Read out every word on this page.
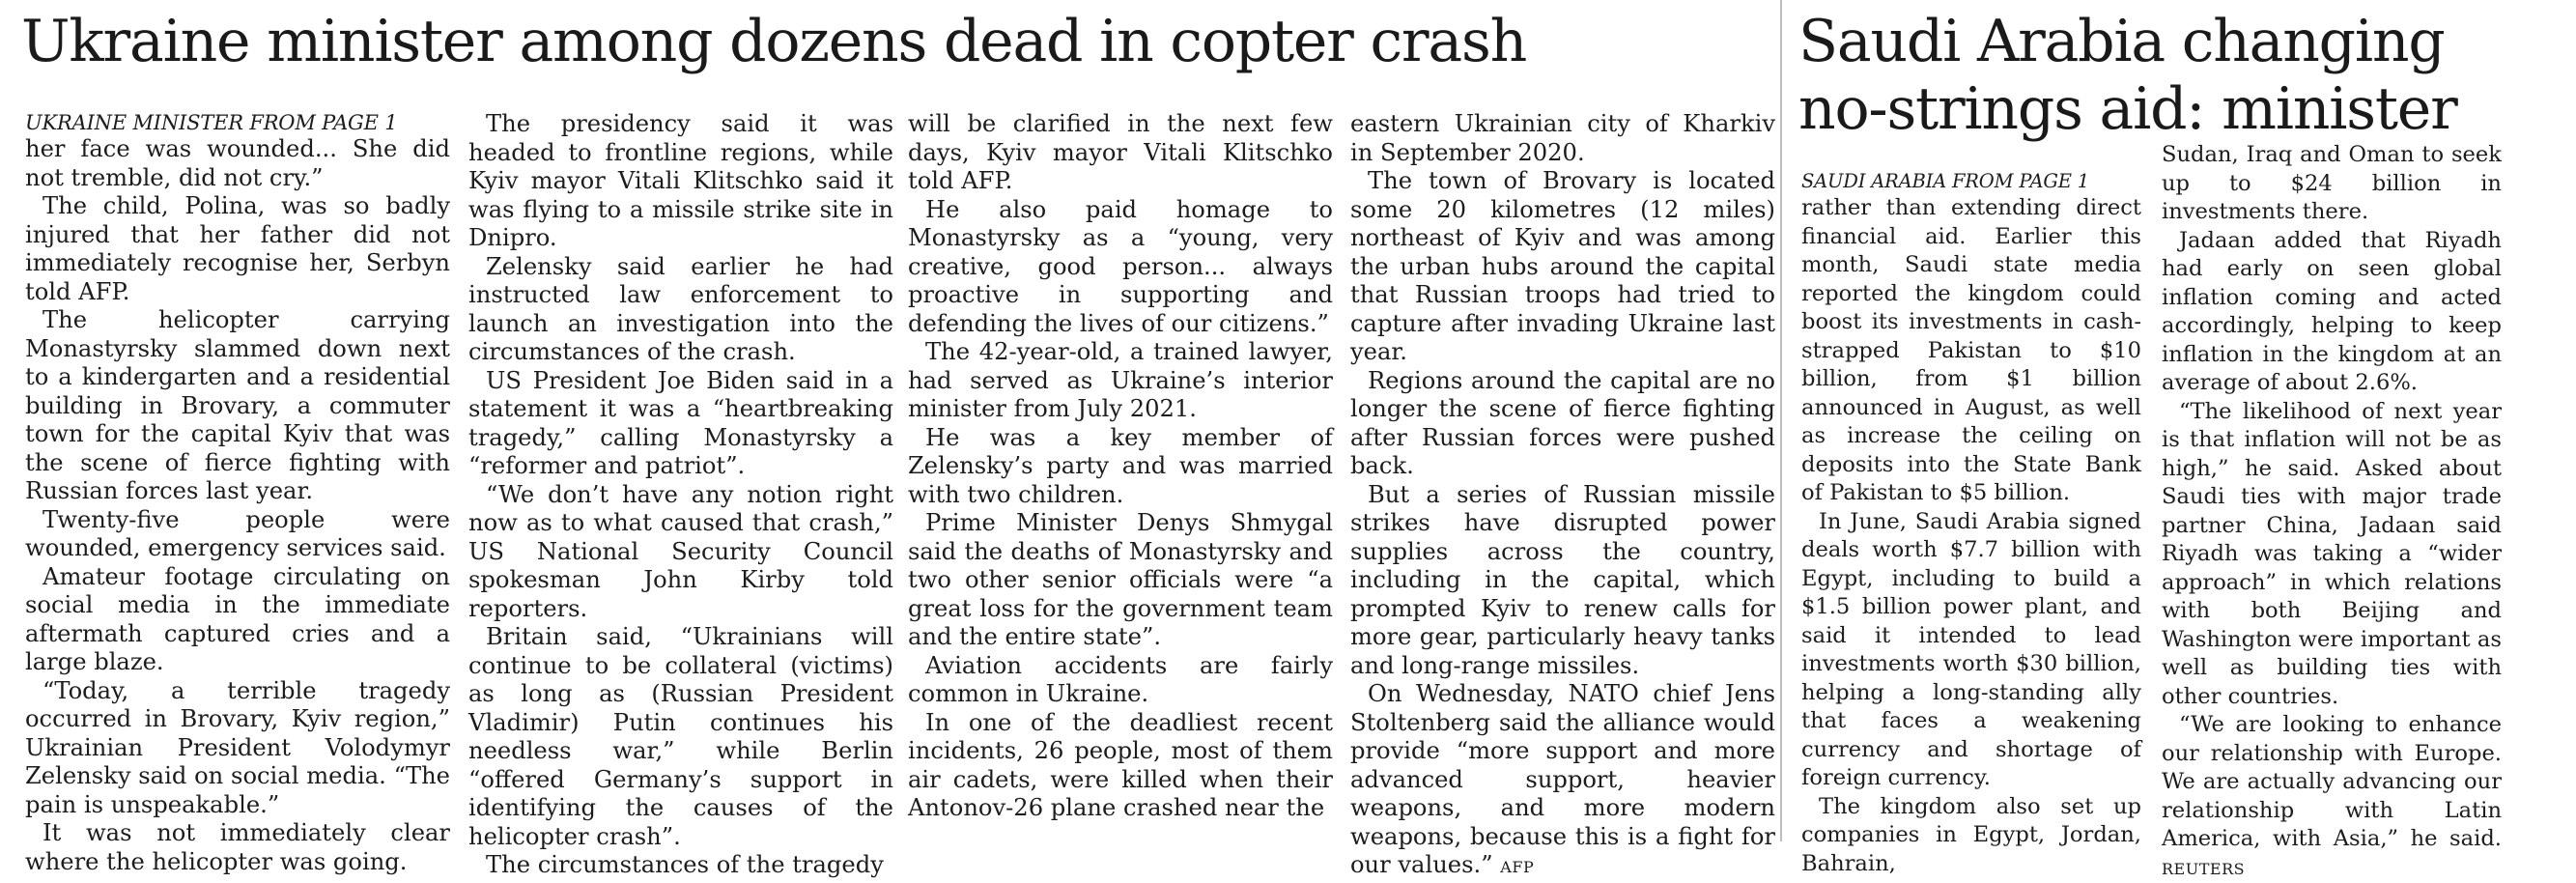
Ukraine minister among dozens dead in copter crash
UKRAINE MINISTER FROM PAGE 1

her face was wounded... She did not tremble, did not cry.”

The child, Polina, was so badly injured that her father did not immediately recognise her, Serbyn told AFP.

The helicopter carrying Monastyrsky slammed down next to a kindergarten and a residential building in Brovary, a commuter town for the capital Kyiv that was the scene of fierce fighting with Russian forces last year.

Twenty-five people were wounded, emergency services said.

Amateur footage circulating on social media in the immediate aftermath captured cries and a large blaze.

“Today, a terrible tragedy occurred in Brovary, Kyiv region,” Ukrainian President Volodymyr Zelensky said on social media. “The pain is unspeakable.”

It was not immediately clear where the helicopter was going.

The presidency said it was headed to frontline regions, while Kyiv mayor Vitali Klitschko said it was flying to a missile strike site in Dnipro.

Zelensky said earlier he had instructed law enforcement to launch an investigation into the circumstances of the crash.

US President Joe Biden said in a statement it was a “heartbreaking tragedy,” calling Monastyrsky a “reformer and patriot”.

“We don’t have any notion right now as to what caused that crash,” US National Security Council spokesman John Kirby told reporters.

Britain said, “Ukrainians will continue to be collateral (victims) as long as (Russian President Vladimir) Putin continues his needless war,” while Berlin “offered Germany’s support in identifying the causes of the helicopter crash”.

The circumstances of the tragedy

will be clarified in the next few days, Kyiv mayor Vitali Klitschko told AFP.

He also paid homage to Monastyrsky as a “young, very creative, good person... always proactive in supporting and defending the lives of our citizens.”

The 42-year-old, a trained lawyer, had served as Ukraine’s interior minister from July 2021.

He was a key member of Zelensky’s party and was married with two children.

Prime Minister Denys Shmygal said the deaths of Monastyrsky and two other senior officials were “a great loss for the government team and the entire state”.

Aviation accidents are fairly common in Ukraine.

In one of the deadliest recent incidents, 26 people, most of them air cadets, were killed when their Antonov-26 plane crashed near the

eastern Ukrainian city of Kharkiv in September 2020.

The town of Brovary is located some 20 kilometres (12 miles) northeast of Kyiv and was among the urban hubs around the capital that Russian troops had tried to capture after invading Ukraine last year.

Regions around the capital are no longer the scene of fierce fighting after Russian forces were pushed back.

But a series of Russian missile strikes have disrupted power supplies across the country, including in the capital, which prompted Kyiv to renew calls for more gear, particularly heavy tanks and long-range missiles.

On Wednesday, NATO chief Jens Stoltenberg said the alliance would provide “more support and more advanced support, heavier weapons, and more modern weapons, because this is a fight for our values.” AFP

Saudi Arabia changing
no-strings aid: minister
SAUDI ARABIA FROM PAGE 1

rather than extending direct financial aid. Earlier this month, Saudi state media reported the kingdom could boost its investments in cash-strapped Pakistan to $10 billion, from $1 billion announced in August, as well as increase the ceiling on deposits into the State Bank of Pakistan to $5 billion.

In June, Saudi Arabia signed deals worth $7.7 billion with Egypt, including to build a $1.5 billion power plant, and said it intended to lead investments worth $30 billion, helping a long-standing ally that faces a weakening currency and shortage of foreign currency.

The kingdom also set up companies in Egypt, Jordan, Bahrain,

Sudan, Iraq and Oman to seek up to $24 billion in investments there.

Jadaan added that Riyadh had early on seen global inflation coming and acted accordingly, helping to keep inflation in the kingdom at an average of about 2.6%.

“The likelihood of next year is that inflation will not be as high,” he said. Asked about Saudi ties with major trade partner China, Jadaan said Riyadh was taking a “wider approach” in which relations with both Beijing and Washington were important as well as building ties with other countries.

“We are looking to enhance our relationship with Europe. We are actually advancing our relationship with Latin America, with Asia,” he said. REUTERS
